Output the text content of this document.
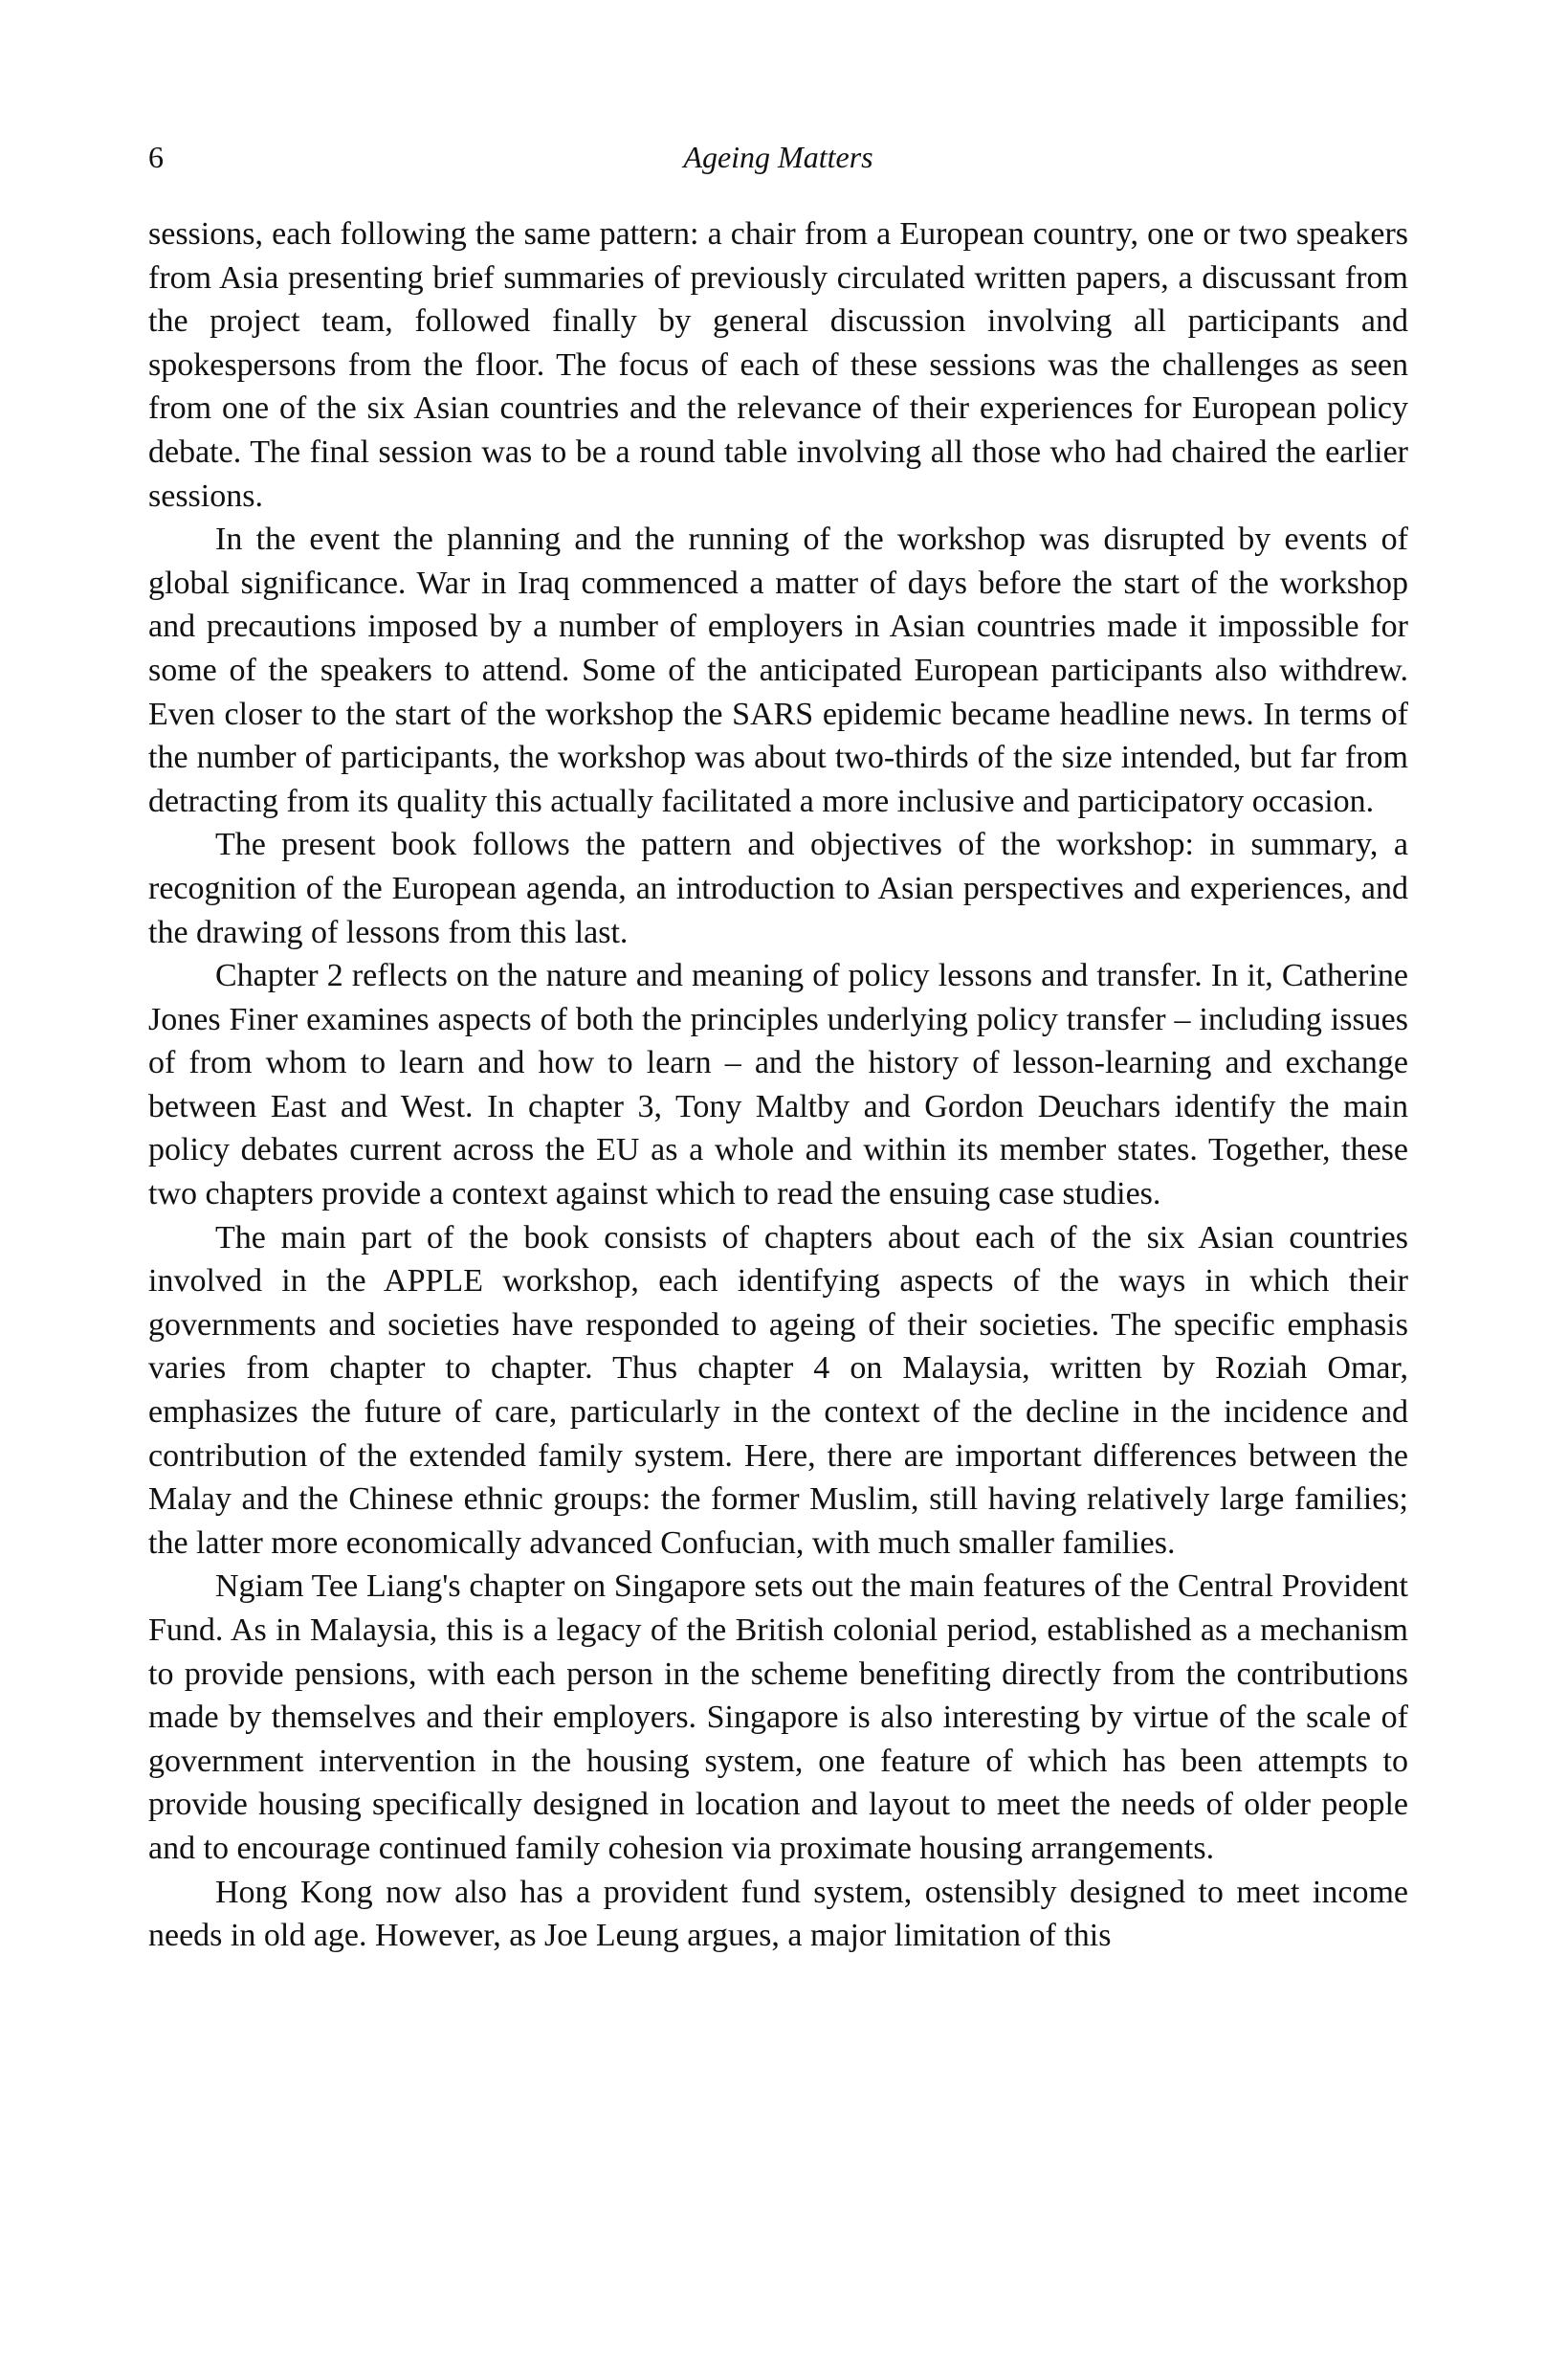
6	Ageing Matters

sessions, each following the same pattern: a chair from a European country, one or two speakers from Asia presenting brief summaries of previously circulated written papers, a discussant from the project team, followed finally by general discussion involving all participants and spokespersons from the floor. The focus of each of these sessions was the challenges as seen from one of the six Asian countries and the relevance of their experiences for European policy debate. The final session was to be a round table involving all those who had chaired the earlier sessions.

In the event the planning and the running of the workshop was disrupted by events of global significance. War in Iraq commenced a matter of days before the start of the workshop and precautions imposed by a number of employers in Asian countries made it impossible for some of the speakers to attend. Some of the anticipated European participants also withdrew. Even closer to the start of the workshop the SARS epidemic became headline news. In terms of the number of participants, the workshop was about two-thirds of the size intended, but far from detracting from its quality this actually facilitated a more inclusive and participatory occasion.

The present book follows the pattern and objectives of the workshop: in summary, a recognition of the European agenda, an introduction to Asian perspectives and experiences, and the drawing of lessons from this last.

Chapter 2 reflects on the nature and meaning of policy lessons and transfer. In it, Catherine Jones Finer examines aspects of both the principles underlying policy transfer – including issues of from whom to learn and how to learn – and the history of lesson-learning and exchange between East and West. In chapter 3, Tony Maltby and Gordon Deuchars identify the main policy debates current across the EU as a whole and within its member states. Together, these two chapters provide a context against which to read the ensuing case studies.

The main part of the book consists of chapters about each of the six Asian countries involved in the APPLE workshop, each identifying aspects of the ways in which their governments and societies have responded to ageing of their societies. The specific emphasis varies from chapter to chapter. Thus chapter 4 on Malaysia, written by Roziah Omar, emphasizes the future of care, particularly in the context of the decline in the incidence and contribution of the extended family system. Here, there are important differences between the Malay and the Chinese ethnic groups: the former Muslim, still having relatively large families; the latter more economically advanced Confucian, with much smaller families.

Ngiam Tee Liang's chapter on Singapore sets out the main features of the Central Provident Fund. As in Malaysia, this is a legacy of the British colonial period, established as a mechanism to provide pensions, with each person in the scheme benefiting directly from the contributions made by themselves and their employers. Singapore is also interesting by virtue of the scale of government intervention in the housing system, one feature of which has been attempts to provide housing specifically designed in location and layout to meet the needs of older people and to encourage continued family cohesion via proximate housing arrangements.

Hong Kong now also has a provident fund system, ostensibly designed to meet income needs in old age. However, as Joe Leung argues, a major limitation of this
